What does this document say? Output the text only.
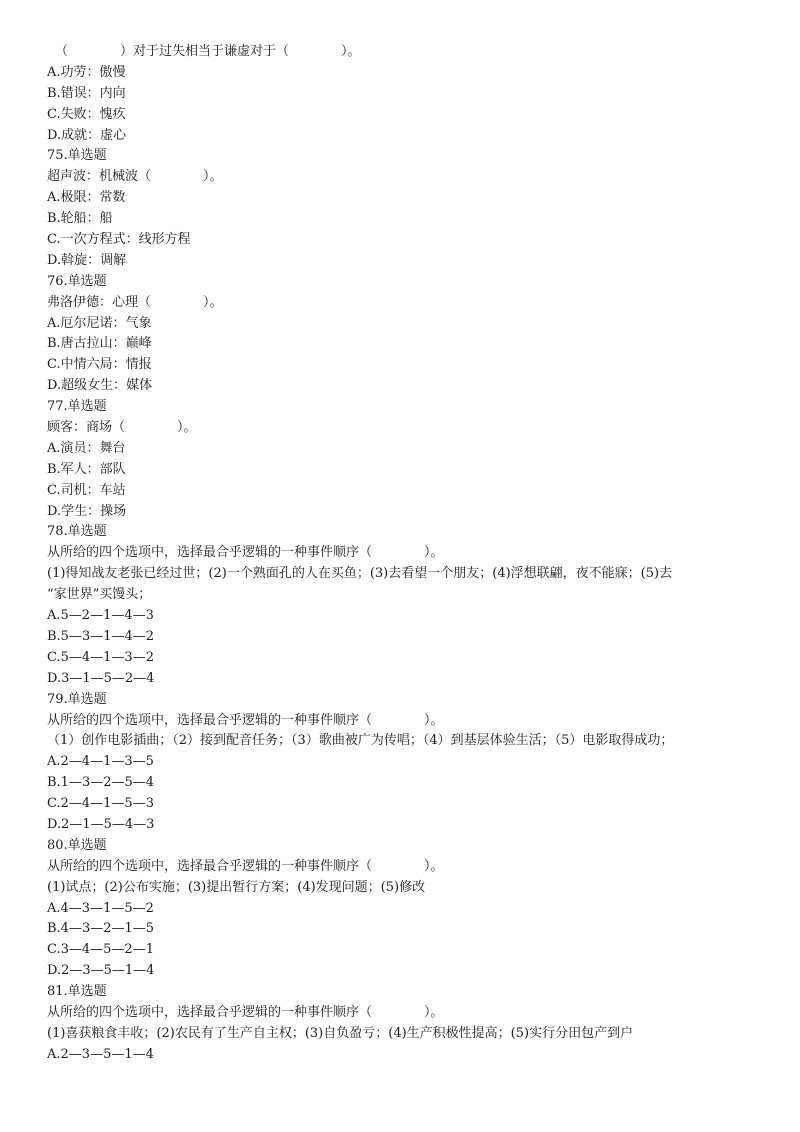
（　　　　）对于过失相当于谦虚对于（　　　　）。

A.功劳：傲慢

B.错误：内向

C.失败：愧疚

D.成就：虚心

75.单选题

超声波：机械波（　　　　）。

A.极限：常数

B.轮船：船

C.一次方程式：线形方程

D.斡旋：调解

76.单选题

弗洛伊德：心理（　　　　）。

A.厄尔尼诺：气象

B.唐古拉山：巅峰

C.中情六局：情报

D.超级女生：媒体

77.单选题

顾客：商场（　　　　）。

A.演员：舞台

B.军人：部队

C.司机：车站

D.学生：操场

78.单选题

从所给的四个选项中，选择最合乎逻辑的一种事件顺序（　　　　）。

(1)得知战友老张已经过世；(2)一个熟面孔的人在买鱼；(3)去看望一个朋友；(4)浮想联翩，夜不能寐；(5)去

“家世界”买馒头；

A.5—2—1—4—3

B.5—3—1—4—2

C.5—4—1—3—2

D.3—1—5—2—4

79.单选题

从所给的四个选项中，选择最合乎逻辑的一种事件顺序（　　　　）。

（1）创作电影插曲；（2）接到配音任务；（3）歌曲被广为传唱；（4）到基层体验生活；（5）电影取得成功；

A.2—4—1—3—5

B.1—3—2—5—4

C.2—4—1—5—3

D.2—1—5—4—3

80.单选题

从所给的四个选项中，选择最合乎逻辑的一种事件顺序（　　　　）。

(1)试点；(2)公布实施；(3)提出暂行方案；(4)发现问题；(5)修改

A.4—3—1—5—2

B.4—3—2—1—5

C.3—4—5—2—1

D.2—3—5—1—4

81.单选题

从所给的四个选项中，选择最合乎逻辑的一种事件顺序（　　　　）。

(1)喜获粮食丰收；(2)农民有了生产自主权；(3)自负盈亏；(4)生产积极性提高；(5)实行分田包产到户

A.2—3—5—1—4
